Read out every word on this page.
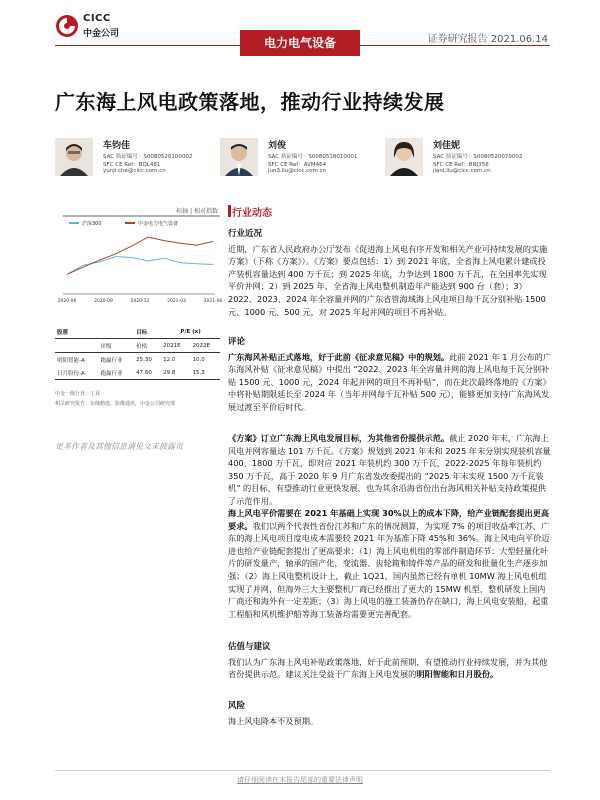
CICC
中金公司
电力电气设备	证券研究报告 2021.06.14
广东海上风电政策落地，推动行业持续发展
车钧佳
SAC 执证编号：S0080520100002
SFC CE Ref：BQL481
yunji.che@cicc.com.cn
刘俊
SAC 执证编号：S0080518010001
SFC CE Ref：AVM464
jun3.liu@cicc.com.cn
刘佳妮
SAC 执证编号：S0080520070002
SFC CE Ref：BNJ356
jiani.liu@cicc.com.cn
标轴 | 相对指数
沪深300	中金电力电气设备
2020-06	2020-09	2020-12	2021-03	2021-06
股票		目标	P/E (x)	
	评级	价格	2021E	2022E
明阳智能-A	跑赢行业	25.30	12.0	10.0
日月股份-A	跑赢行业	47.60	29.8	15.3
中金一级行业：工业
相关研究报告：东缘精选，影像通讯，中金公司研究部
更多作者及其他信息请见文末披露页
行业动态
行业近况
近期，广东省人民政府办公厅发布《促进海上风电有序开发和相关产业可持续发展的实施方案》（下称《方案》）。《方案》要点包括：1）到 2021 年底，全省海上风电累计建成投产装机容量达到 400 万千瓦；到 2025 年底，力争达到 1800 万千瓦，在全国率先实现平价并网；2）到 2025 年，全省海上风电整机制造年产能达到 900 台（套）；3）2022、2023、2024 年全容量并网的广东省管海域海上风电项目每千瓦分别补贴 1500 元、1000 元、500 元，对 2025 年起并网的项目不再补贴。
评论
广东海风补贴正式落地，好于此前《征求意见稿》中的规划。此前 2021 年 1 月公布的广东海风补贴《征求意见稿》中提出 “2022、2023 年全容量并网的海上风电每千瓦分别补贴 1500 元、1000 元，2024 年起并网的项目不再补贴”，而在此次最终落地的《方案》中将补贴期限延长至 2024 年（当年并网每千瓦补贴 500 元），能够更加支持广东海风发展过渡至平价后时代。
《方案》订立广东海上风电发展目标，为其他省份提供示范。截止 2020 年末，广东海上风电并网容量达 101 万千瓦。《方案》规划到 2021 年末和 2025 年末分别实现装机容量 400、1800 万千瓦，即对应 2021 年装机约 300 万千瓦，2022-2025 年每年装机约 350 万千瓦，高于 2020 年 9 月广东省发改委提出的 “2025 年末实现 1500 万千瓦装机” 的目标，有望推动行业更快发展，也为其余沿海省份出台海风相关补贴支持政策提供了示范作用。
海上风电平价需要在 2021 年基础上实现 30%以上的成本下降，给产业链配套提出更高要求。我们以两个代表性省份江苏和广东的情况测算，为实现 7% 的项目收益率江苏、广东的海上风电项目度电成本需要较 2021 年为基准下降 45%和 36%。海上风电向平价迈进也给产业链配套提出了更高要求：（1）海上风电机组的零部件制造环节：大型轻量化叶片的研发量产，轴承的国产化，变流器、齿轮箱和铸件等产品的研发和批量化生产逐步加强；（2）海上风电整机设计上，截止 1Q21，国内虽然已经有单机 10MW 海上风电机组实现了并网，但海外三大主要整机厂商已经推出了更大的 15MW 机型，整机研发上国内厂商还和海外有一定差距；（3）海上风电的施工装备仍存在缺口，海上风电安装船、起重工程船和风机维护船等海工装备均需要更完善配套。
估值与建议
我们认为广东海上风电补贴政策落地，好于此前预期，有望推动行业持续发展，并为其他省份提供示范。建议关注受益于广东海上风电发展的明阳智能和日月股份。
风险
海上风电降本不及预期。
请仔细阅读在本报告尾部的重要法律声明
